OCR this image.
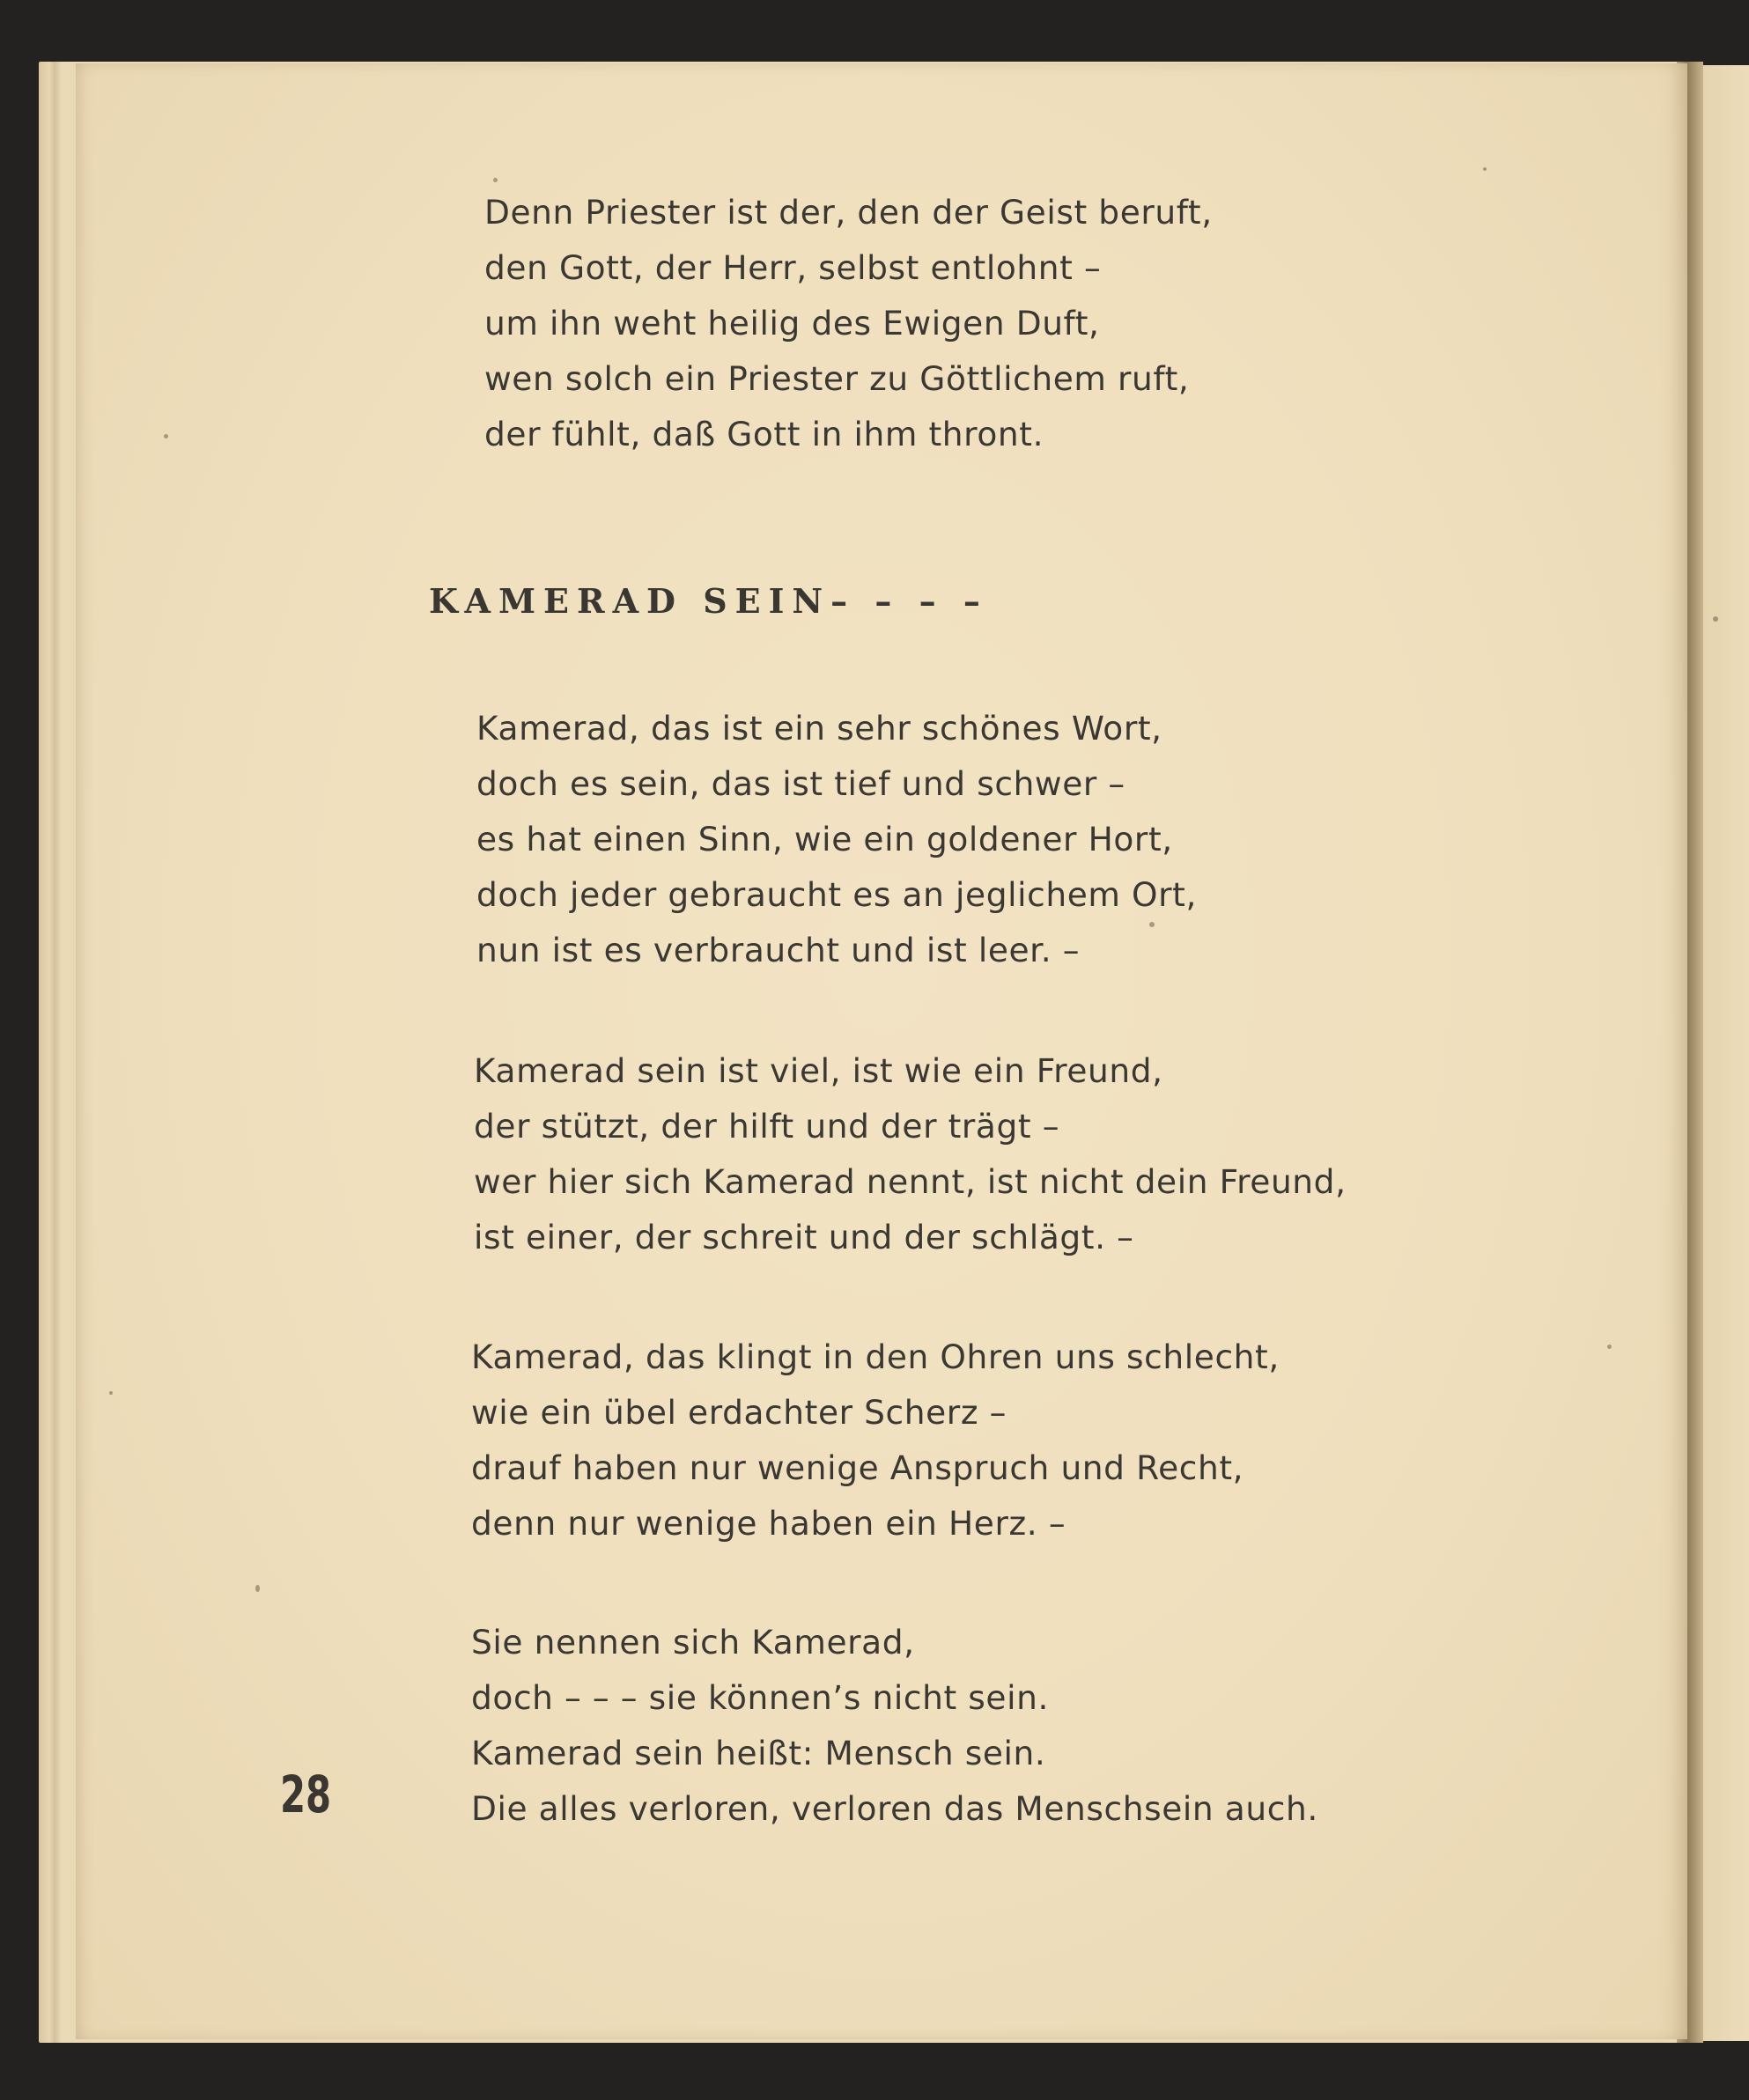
Denn Priester ist der, den der Geist beruft,
den Gott, der Herr, selbst entlohnt –
um ihn weht heilig des Ewigen Duft,
wen solch ein Priester zu Göttlichem ruft,
der fühlt, daß Gott in ihm thront.
KAMERAD SEIN– – – –
Kamerad, das ist ein sehr schönes Wort,
doch es sein, das ist tief und schwer –
es hat einen Sinn, wie ein goldener Hort,
doch jeder gebraucht es an jeglichem Ort,
nun ist es verbraucht und ist leer. –
Kamerad sein ist viel, ist wie ein Freund,
der stützt, der hilft und der trägt –
wer hier sich Kamerad nennt, ist nicht dein Freund,
ist einer, der schreit und der schlägt. –
Kamerad, das klingt in den Ohren uns schlecht,
wie ein übel erdachter Scherz –
drauf haben nur wenige Anspruch und Recht,
denn nur wenige haben ein Herz. –
Sie nennen sich Kamerad,
doch – – – sie können’s nicht sein.
Kamerad sein heißt: Mensch sein.
Die alles verloren, verloren das Menschsein auch.
28
